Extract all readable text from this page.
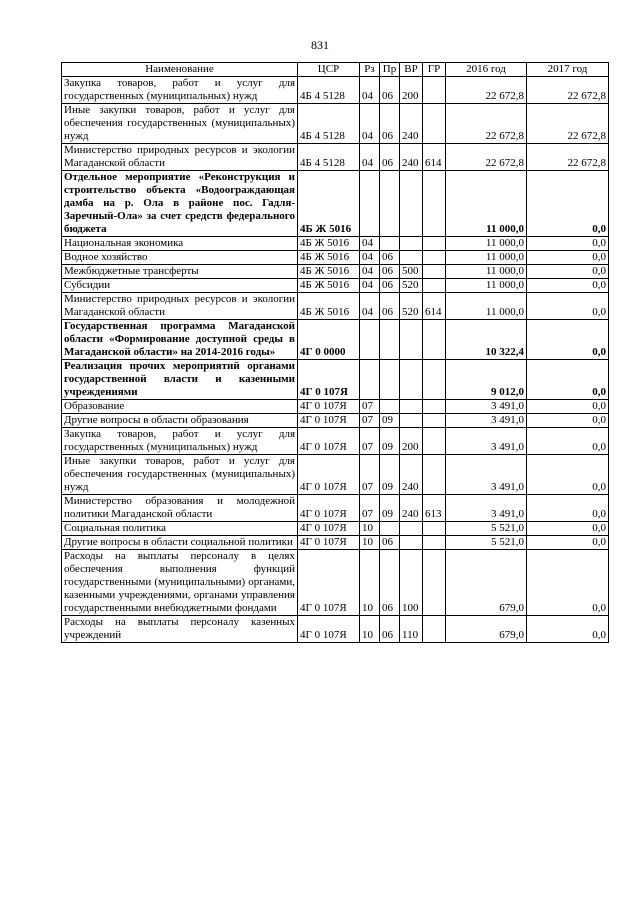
831
Наименование	ЦСР	Рз	Пр	ВР	ГР	2016 год	2017 год
Закупка товаров, работ и услуг для государственных (муниципальных) нужд	4Б 4 5128	04	06	200		22 672,8	22 672,8
Иные закупки товаров, работ и услуг для обеспечения государственных (муниципальных) нужд	4Б 4 5128	04	06	240		22 672,8	22 672,8
Министерство природных ресурсов и экологии Магаданской области	4Б 4 5128	04	06	240	614	22 672,8	22 672,8
Отдельное мероприятие «Реконструкция и строительство объекта «Водоограждающая дамба на р. Ола в районе пос. Гадля-Заречный-Ола» за счет средств федерального бюджета	4Б Ж 5016					11 000,0	0,0
Национальная экономика	4Б Ж 5016	04				11 000,0	0,0
Водное хозяйство	4Б Ж 5016	04	06			11 000,0	0,0
Межбюджетные трансферты	4Б Ж 5016	04	06	500		11 000,0	0,0
Субсидии	4Б Ж 5016	04	06	520		11 000,0	0,0
Министерство природных ресурсов и экологии Магаданской области	4Б Ж 5016	04	06	520	614	11 000,0	0,0
Государственная программа Магаданской области «Формирование доступной среды в Магаданской области» на 2014-2016 годы»	4Г 0 0000					10 322,4	0,0
Реализация прочих мероприятий органами государственной власти и казенными учреждениями	4Г 0 107Я					9 012,0	0,0
Образование	4Г 0 107Я	07				3 491,0	0,0
Другие вопросы в области образования	4Г 0 107Я	07	09			3 491,0	0,0
Закупка товаров, работ и услуг для государственных (муниципальных) нужд	4Г 0 107Я	07	09	200		3 491,0	0,0
Иные закупки товаров, работ и услуг для обеспечения государственных (муниципальных) нужд	4Г 0 107Я	07	09	240		3 491,0	0,0
Министерство образования и молодежной политики Магаданской области	4Г 0 107Я	07	09	240	613	3 491,0	0,0
Социальная политика	4Г 0 107Я	10				5 521,0	0,0
Другие вопросы в области социальной политики	4Г 0 107Я	10	06			5 521,0	0,0
Расходы на выплаты персоналу в целях обеспечения выполнения функций государственными (муниципальными) органами, казенными учреждениями, органами управления государственными внебюджетными фондами	4Г 0 107Я	10	06	100		679,0	0,0
Расходы на выплаты персоналу казенных учреждений	4Г 0 107Я	10	06	110		679,0	0,0
